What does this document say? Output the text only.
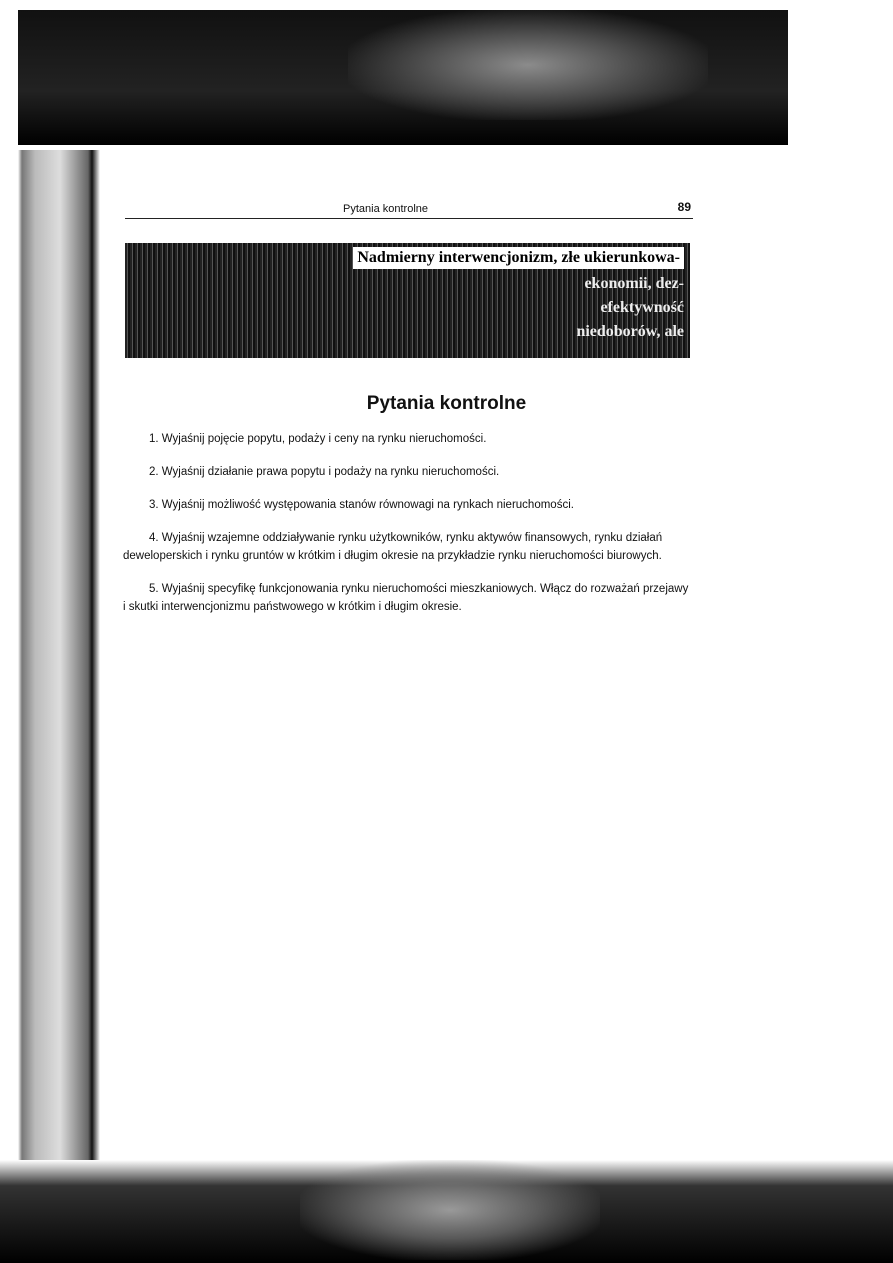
Pytania kontrolne	89
Nadmierny interwencjonizm, złe ukierunkowa-
ekonomii, dez-
efektywność
niedoborów, ale
Pytania kontrolne

1. Wyjaśnij pojęcie popytu, podaży i ceny na rynku nieruchomości.

2. Wyjaśnij działanie prawa popytu i podaży na rynku nieruchomości.

3. Wyjaśnij możliwość występowania stanów równowagi na rynkach nieruchomości.

4. Wyjaśnij wzajemne oddziaływanie rynku użytkowników, rynku aktywów finansowych, rynku działań deweloperskich i rynku gruntów w krótkim i długim okresie na przykładzie rynku nieruchomości biurowych.

5. Wyjaśnij specyfikę funkcjonowania rynku nieruchomości mieszkaniowych. Włącz do rozważań przejawy i skutki interwencjonizmu państwowego w krótkim i długim okresie.
